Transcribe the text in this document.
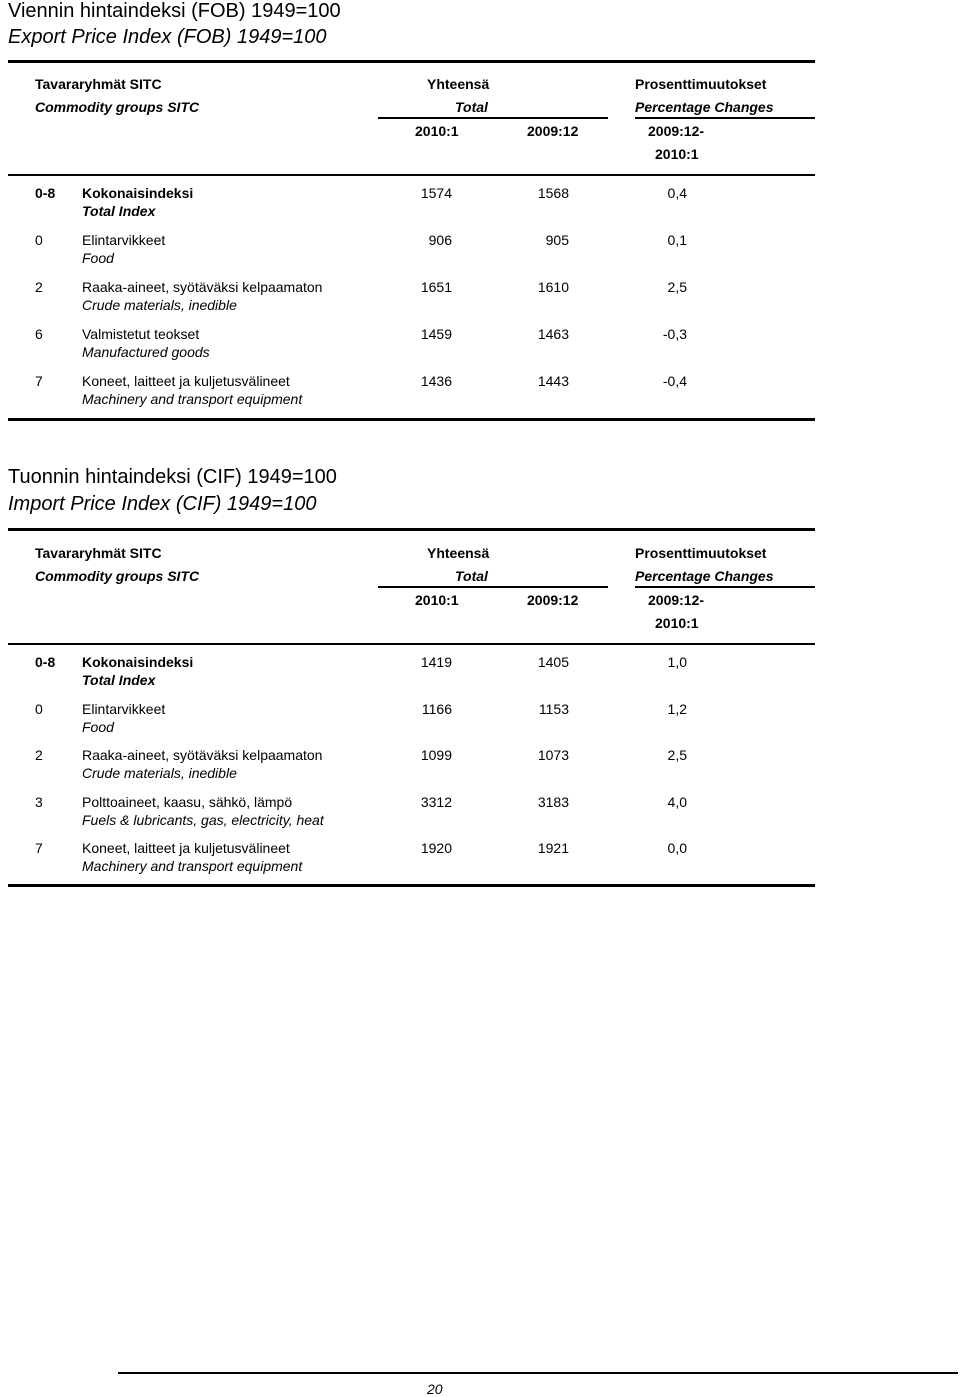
Viennin hintaindeksi (FOB) 1949=100
Export Price Index (FOB) 1949=100
Tavararyhmät SITC	Yhteensä	Prosenttimuutokset
Commodity groups SITC	Total	Percentage Changes
2010:1	2009:12	2009:12-
2010:1
0-8 Kokonaisindeksi
Total Index
1574	1568	0,4
0	Elintarvikkeet
Food
906	905	0,1
2	Raaka-aineet, syötäväksi kelpaamaton
Crude materials, inedible
1651	1610	2,5
6	Valmistetut teokset
Manufactured goods
1459	1463	-0,3
7	Koneet, laitteet ja kuljetusvälineet
Machinery and transport equipment
1436	1443	-0,4
Tuonnin hintaindeksi (CIF) 1949=100
Import Price Index (CIF) 1949=100
Tavararyhmät SITC	Yhteensä	Prosenttimuutokset
Commodity groups SITC	Total	Percentage Changes
2010:1	2009:12	2009:12-
2010:1
0-8 Kokonaisindeksi
Total Index
1419	1405	1,0
0	Elintarvikkeet
Food
1166	1153	1,2
2	Raaka-aineet, syötäväksi kelpaamaton
Crude materials, inedible
1099	1073	2,5
3	Polttoaineet, kaasu, sähkö, lämpö
Fuels & lubricants, gas, electricity, heat
3312	3183	4,0
7	Koneet, laitteet ja kuljetusvälineet
Machinery and transport equipment
1920	1921	0,0
20
